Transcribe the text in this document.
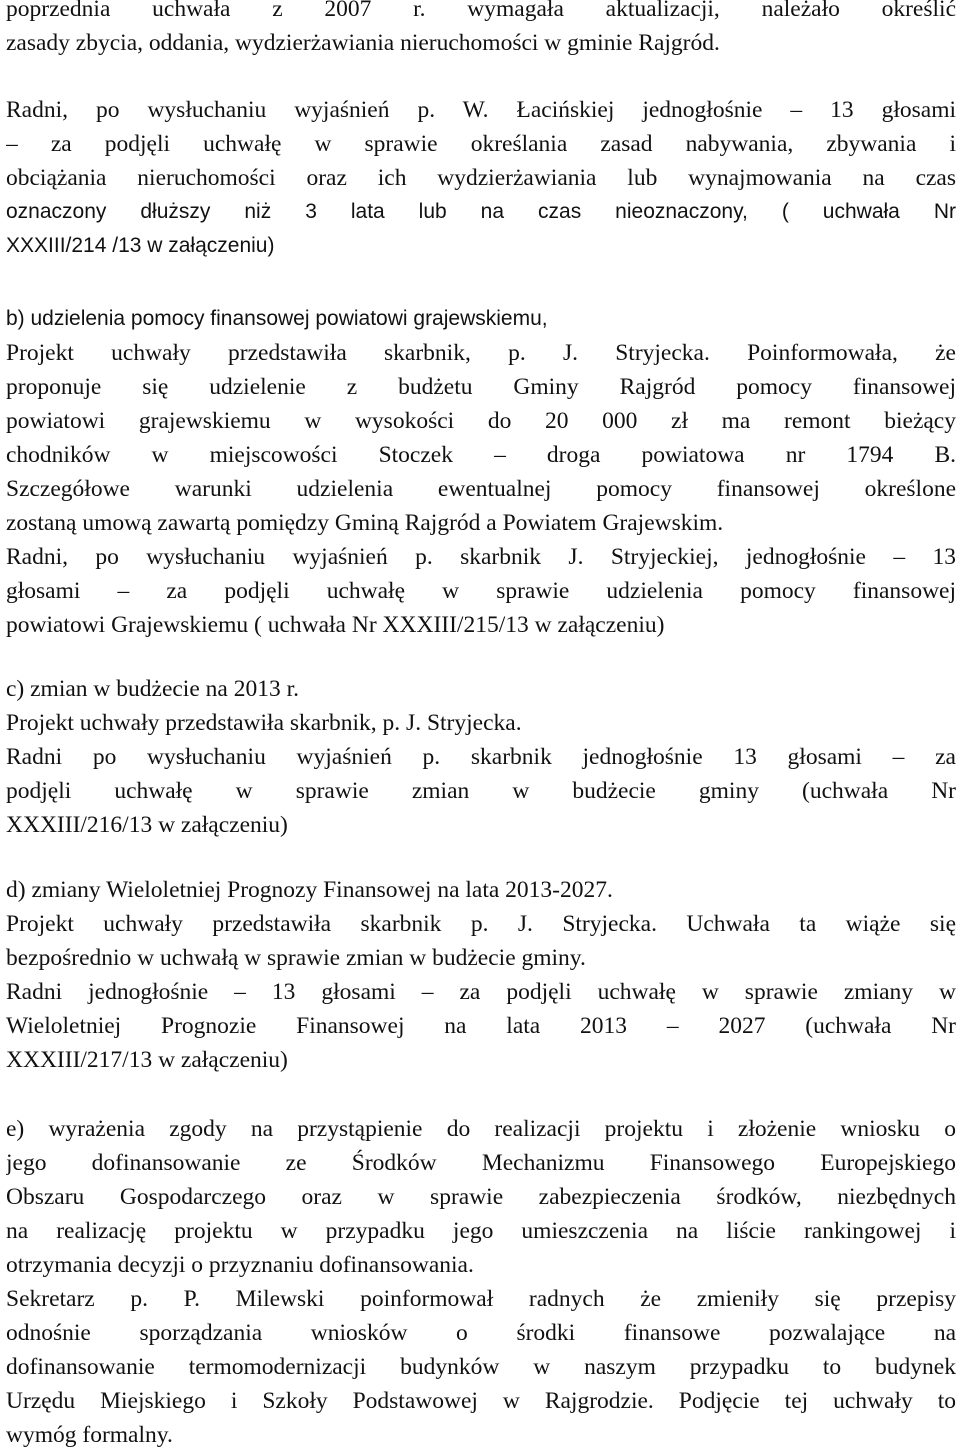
poprzednia uchwała z 2007 r. wymagała aktualizacji, należało określić
zasady zbycia, oddania, wydzierżawiania nieruchomości w gminie Rajgród.
Radni, po wysłuchaniu wyjaśnień p. W. Łacińskiej jednogłośnie – 13 głosami
– za podjęli uchwałę w sprawie określania zasad nabywania, zbywania i
obciążania nieruchomości oraz ich wydzierżawiania lub wynajmowania na czas
oznaczony dłuższy niż 3 lata lub na czas nieoznaczony, ( uchwała Nr
XXXIII/214 /13 w załączeniu)
b) udzielenia pomocy finansowej powiatowi grajewskiemu,
Projekt uchwały przedstawiła skarbnik, p. J. Stryjecka. Poinformowała, że
proponuje się udzielenie z budżetu Gminy Rajgród pomocy finansowej
powiatowi grajewskiemu w wysokości do 20 000 zł ma remont bieżący
chodników w miejscowości Stoczek – droga powiatowa nr 1794 B.
Szczegółowe warunki udzielenia ewentualnej pomocy finansowej określone
zostaną umową zawartą pomiędzy Gminą Rajgród a Powiatem Grajewskim.
Radni, po wysłuchaniu wyjaśnień p. skarbnik J. Stryjeckiej, jednogłośnie – 13
głosami – za podjęli uchwałę w sprawie udzielenia pomocy finansowej
powiatowi Grajewskiemu ( uchwała Nr XXXIII/215/13 w załączeniu)
c) zmian w budżecie na 2013 r.
Projekt uchwały przedstawiła skarbnik, p. J. Stryjecka.
Radni po wysłuchaniu wyjaśnień p. skarbnik jednogłośnie 13 głosami – za
podjęli uchwałę w sprawie zmian w budżecie gminy (uchwała Nr
XXXIII/216/13 w załączeniu)
d) zmiany Wieloletniej Prognozy Finansowej na lata 2013-2027.
Projekt uchwały przedstawiła skarbnik p. J. Stryjecka. Uchwała ta wiąże się
bezpośrednio w uchwałą w sprawie zmian w budżecie gminy.
Radni jednogłośnie – 13 głosami – za podjęli uchwałę w sprawie zmiany w
Wieloletniej Prognozie Finansowej na lata 2013 – 2027 (uchwała Nr
XXXIII/217/13 w załączeniu)
e) wyrażenia zgody na przystąpienie do realizacji projektu i złożenie wniosku o
jego dofinansowanie ze Środków Mechanizmu Finansowego Europejskiego
Obszaru Gospodarczego oraz w sprawie zabezpieczenia środków, niezbędnych
na realizację projektu w przypadku jego umieszczenia na liście rankingowej i
otrzymania decyzji o przyznaniu dofinansowania.
Sekretarz p. P. Milewski poinformował radnych że zmieniły się przepisy
odnośnie sporządzania wniosków o środki finansowe pozwalające na
dofinansowanie termomodernizacji budynków w naszym przypadku to budynek
Urzędu Miejskiego i Szkoły Podstawowej w Rajgrodzie. Podjęcie tej uchwały to
wymóg formalny.
